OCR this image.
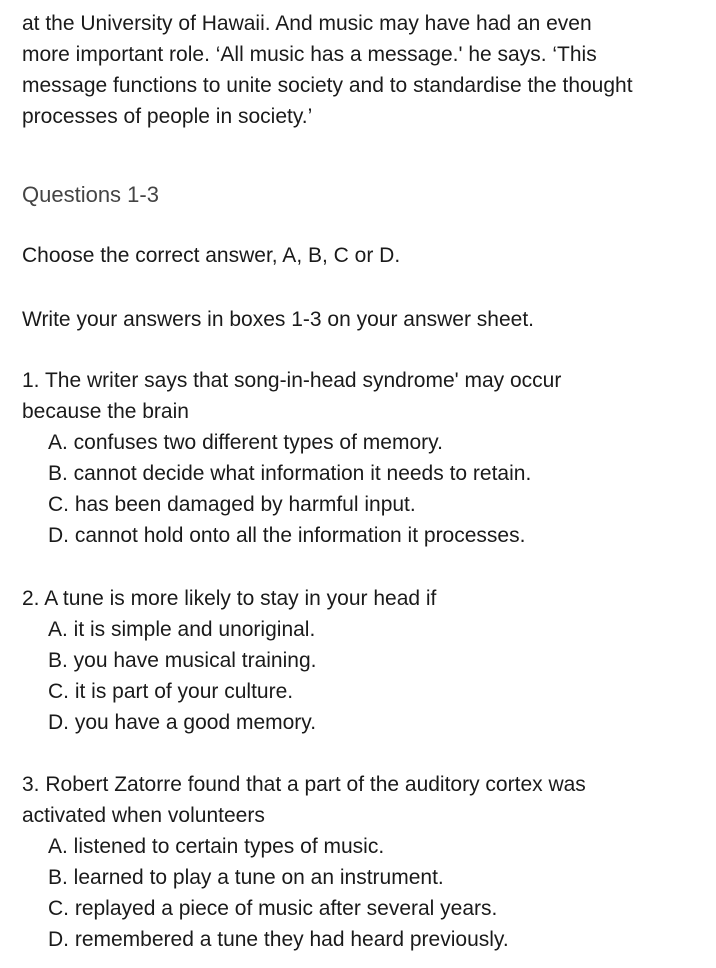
at the University of Hawaii. And music may have had an even
more important role. ‘All music has a message.' he says. ‘This
message functions to unite society and to standardise the thought
processes of people in society.’
Questions 1-3
Choose the correct answer, A, B, C or D.
Write your answers in boxes 1-3 on your answer sheet.
1. The writer says that song-in-head syndrome' may occur
because the brain
A. confuses two different types of memory.
B. cannot decide what information it needs to retain.
C. has been damaged by harmful input.
D. cannot hold onto all the information it processes.
2. A tune is more likely to stay in your head if
A. it is simple and unoriginal.
B. you have musical training.
C. it is part of your culture.
D. you have a good memory.
3. Robert Zatorre found that a part of the auditory cortex was
activated when volunteers
A. listened to certain types of music.
B. learned to play a tune on an instrument.
C. replayed a piece of music after several years.
D. remembered a tune they had heard previously.
